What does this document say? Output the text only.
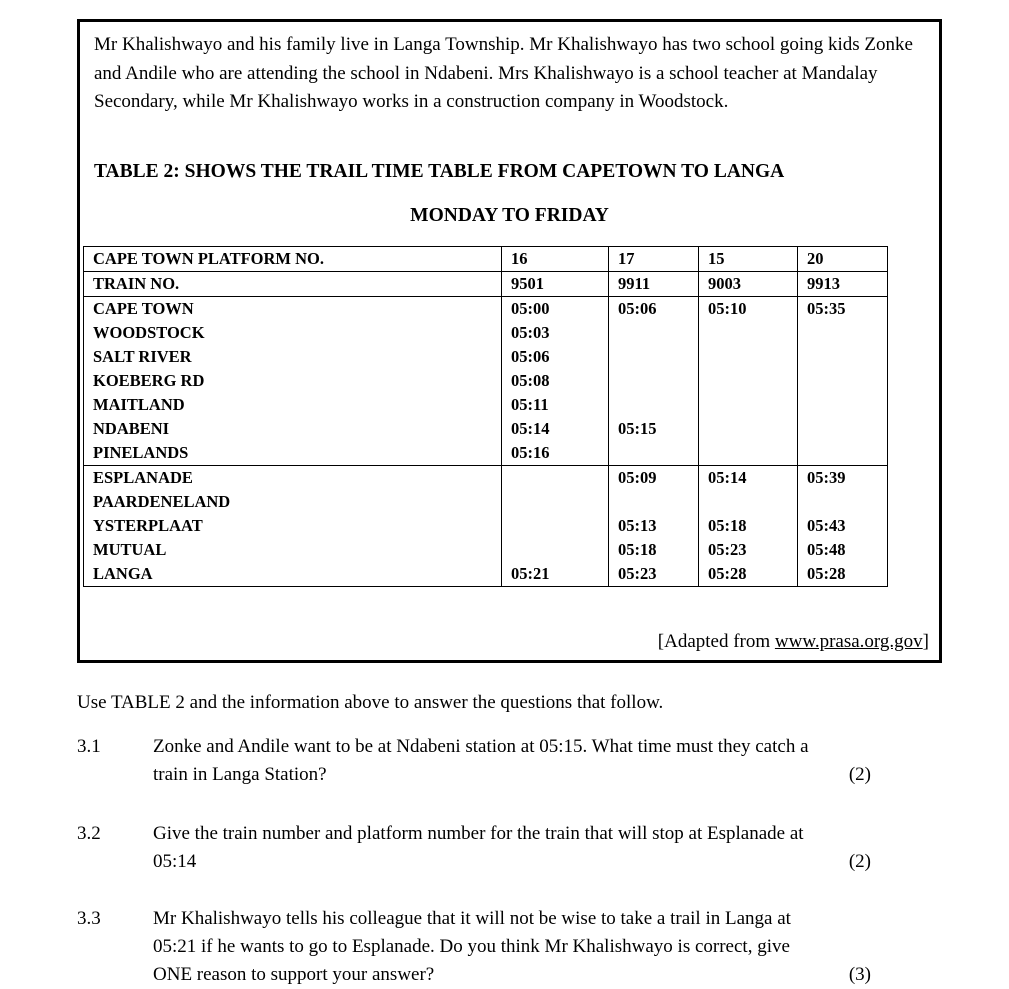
Mr Khalishwayo and his family live in Langa Township. Mr Khalishwayo has two school going kids Zonke and Andile who are attending the school in Ndabeni. Mrs Khalishwayo is a school teacher at Mandalay Secondary, while Mr Khalishwayo works in a construction company in Woodstock.

TABLE 2: SHOWS THE TRAIL TIME TABLE FROM CAPETOWN TO LANGA

MONDAY TO FRIDAY

CAPE TOWN PLATFORM NO.	16	17	15	20
TRAIN NO.	9501	9911	9003	9913
CAPE TOWN	05:00	05:06	05:10	05:35
WOODSTOCK	05:03			
SALT RIVER	05:06			
KOEBERG RD	05:08			
MAITLAND	05:11			
NDABENI	05:14	05:15		
PINELANDS	05:16			
ESPLANADE		05:09	05:14	05:39
PAARDENELAND				
YSTERPLAAT		05:13	05:18	05:43
MUTUAL		05:18	05:23	05:48
LANGA	05:21	05:23	05:28	05:28

[Adapted from www.prasa.org.gov]

Use TABLE 2 and the information above to answer the questions that follow.

3.1	Zonke and Andile want to be at Ndabeni station at 05:15. What time must they catch a train in Langa Station?	(2)
3.2	Give the train number and platform number for the train that will stop at Esplanade at 05:14	(2)
3.3	Mr Khalishwayo tells his colleague that it will not be wise to take a trail in Langa at 05:21 if he wants to go to Esplanade. Do you think Mr Khalishwayo is correct, give ONE reason to support your answer?	(3)
